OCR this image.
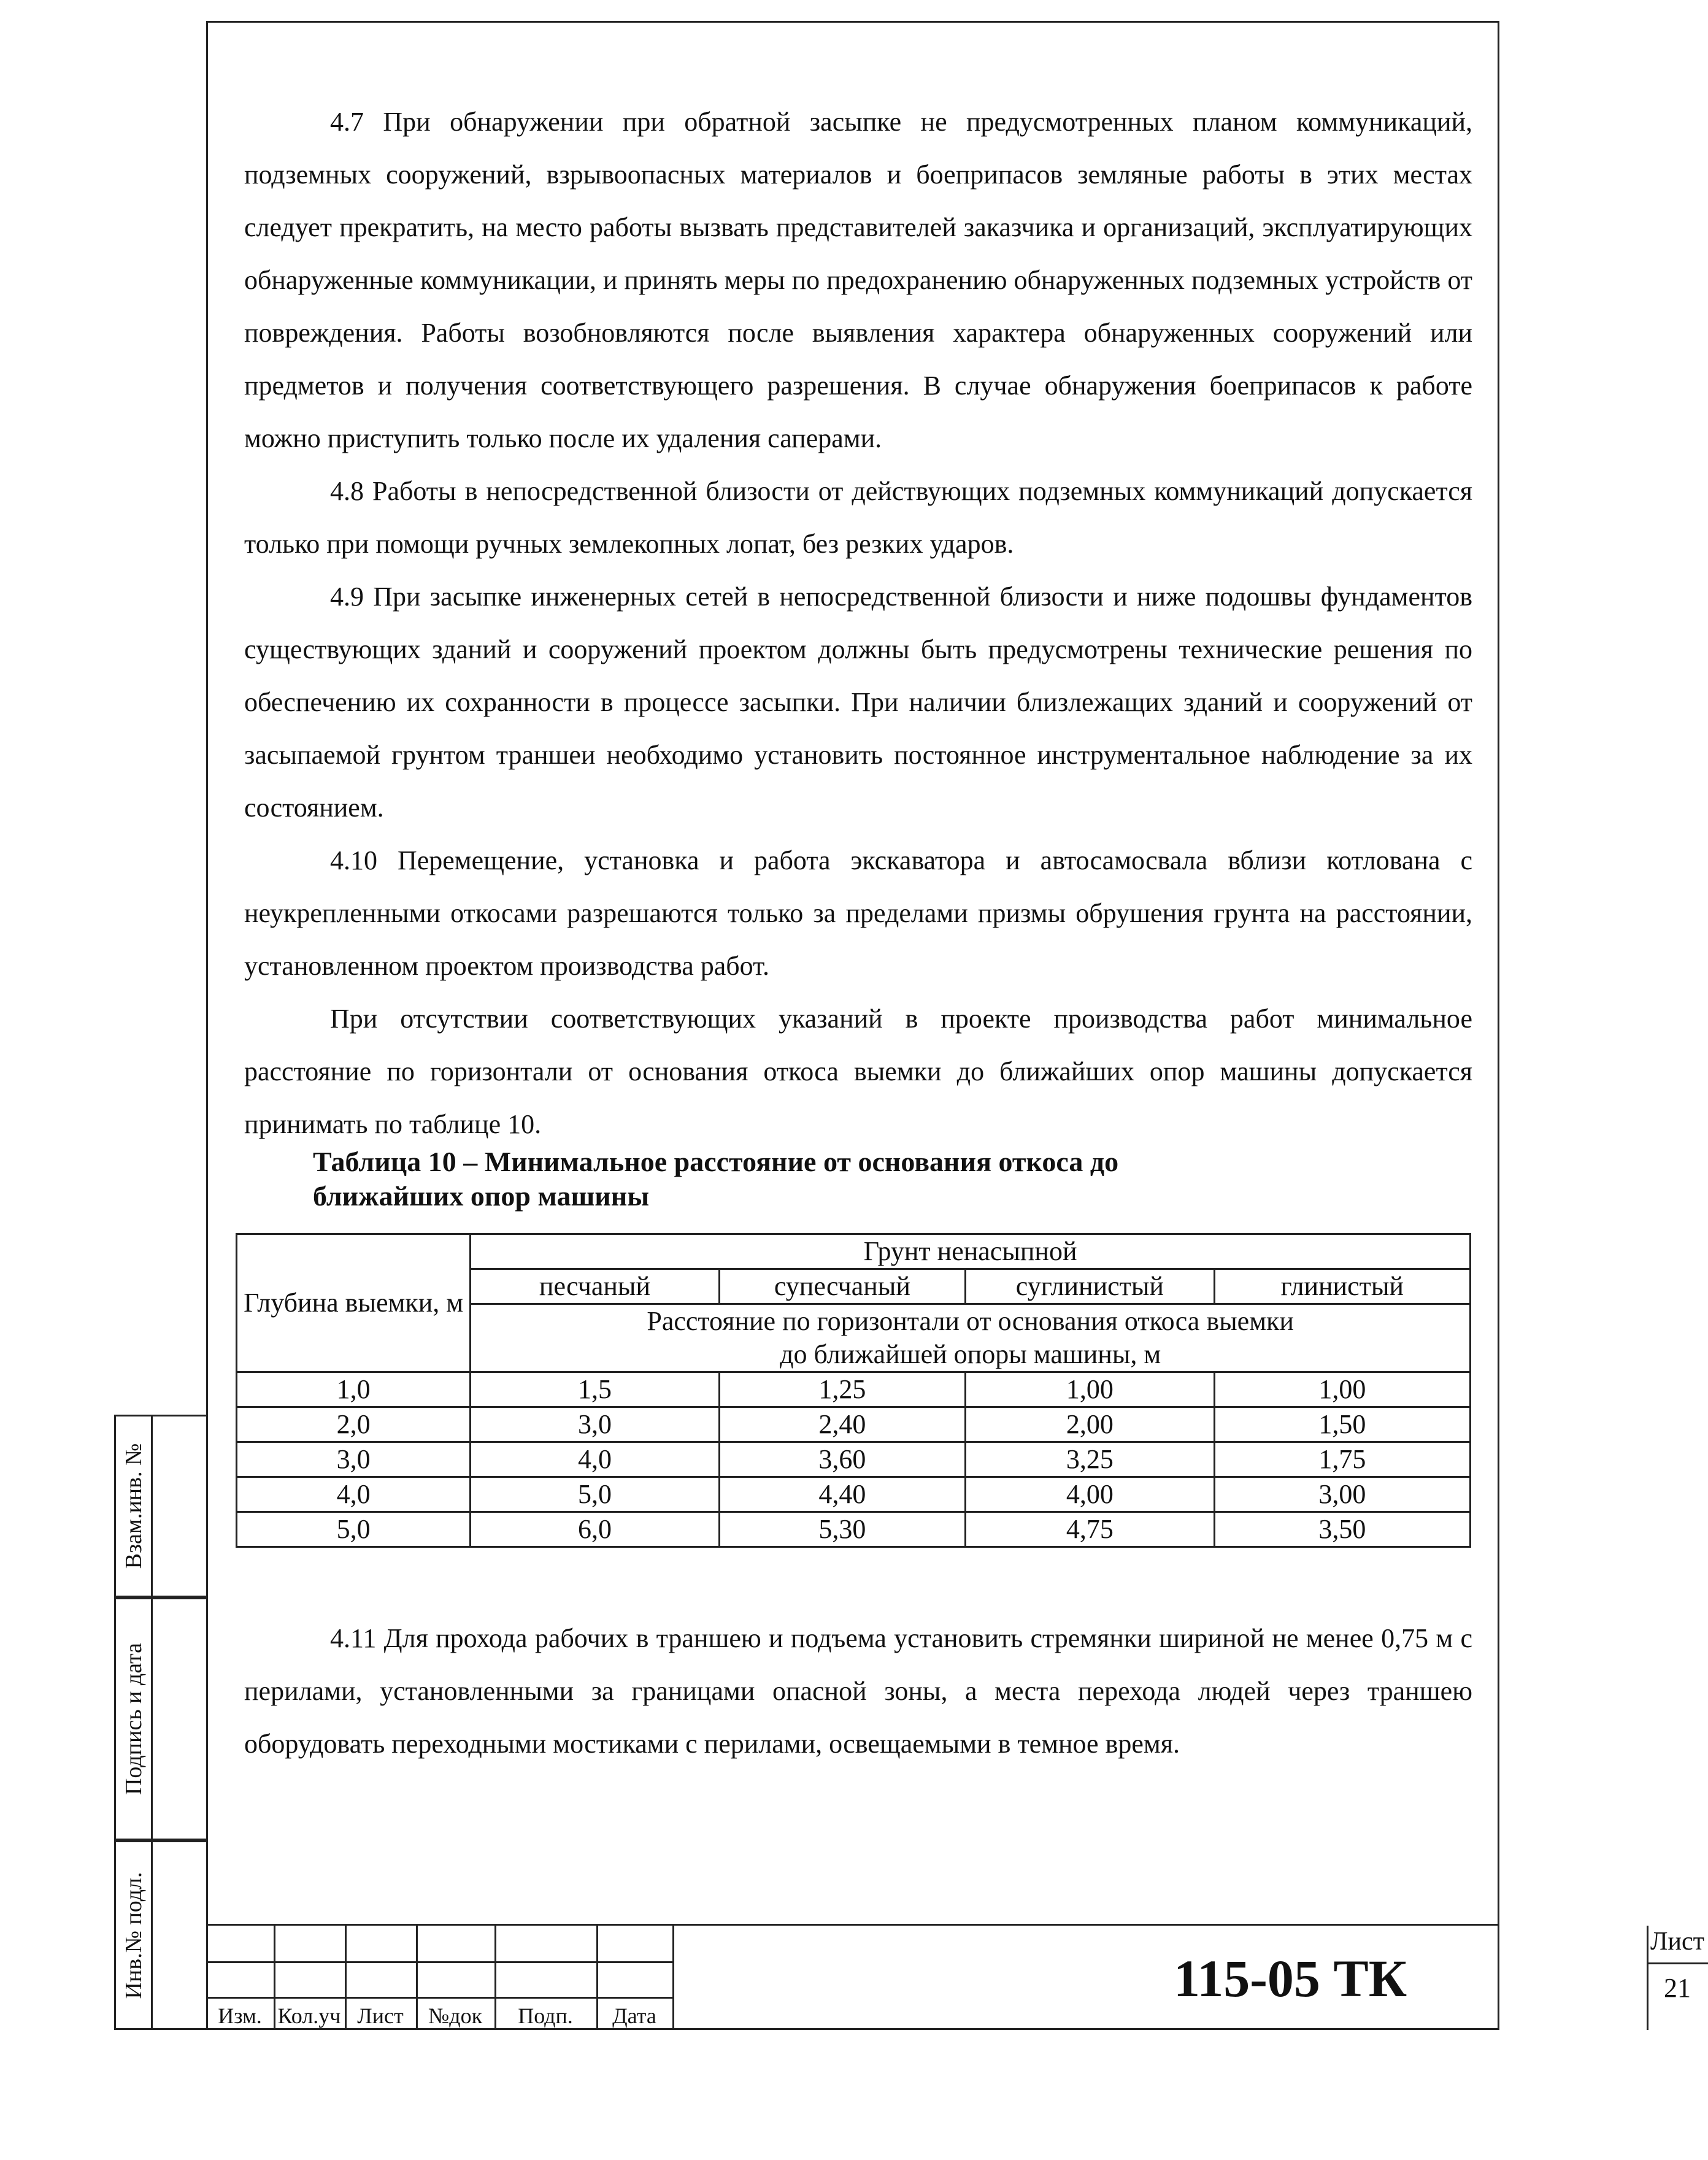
4.7 При обнаружении при обратной засыпке не предусмотренных планом коммуникаций, подземных сооружений, взрывоопасных материалов и боеприпасов земляные работы в этих местах следует прекратить, на место работы вызвать представителей заказчика и организаций, эксплуатирующих обнаруженные коммуникации, и принять меры по предохранению обнаруженных подземных устройств от повреждения. Работы возобновляются после выявления характера обнаруженных сооружений или предметов и получения соответствующего разрешения. В случае обнаружения боеприпасов к работе можно приступить только после их удаления саперами.

4.8 Работы в непосредственной близости от действующих подземных коммуникаций допускается только при помощи ручных землекопных лопат, без резких ударов.

4.9 При засыпке инженерных сетей в непосредственной близости и ниже подошвы фундаментов существующих зданий и сооружений проектом должны быть предусмотрены технические решения по обеспечению их сохранности в процессе засыпки. При наличии близлежащих зданий и сооружений от засыпаемой грунтом траншеи необходимо установить постоянное инструментальное наблюдение за их состоянием.

4.10 Перемещение, установка и работа экскаватора и автосамосвала вблизи котлована с неукрепленными откосами разрешаются только за пределами призмы обрушения грунта на расстоянии, установленном проектом производства работ.

При отсутствии соответствующих указаний в проекте производства работ минимальное расстояние по горизонтали от основания откоса выемки до ближайших опор машины допускается принимать по таблице 10.

Таблица 10 – Минимальное расстояние от основания откоса до
ближайших опор машины
Глубина выемки, м	Грунт ненасыпной			
	песчаный	супесчаный	суглинистый	глинистый
	Расстояние по горизонтали от основания откоса выемки			
	до ближайшей опоры машины, м			
1,0	1,5	1,25	1,00	1,00
2,0	3,0	2,40	2,00	1,50
3,0	4,0	3,60	3,25	1,75
4,0	5,0	4,40	4,00	3,00
5,0	6,0	5,30	4,75	3,50

4.11 Для прохода рабочих в траншею и подъема установить стремянки шириной не менее 0,75 м с перилами, установленными за границами опасной зоны, а места перехода людей через траншею оборудовать переходными мостиками с перилами, освещаемыми в темное время.

Взам.инв. №
Подпись и дата
Инв.№ подл.
Изм. Кол.уч Лист	№док	Подп.	Дата
115-05 ТК
Лист
21
